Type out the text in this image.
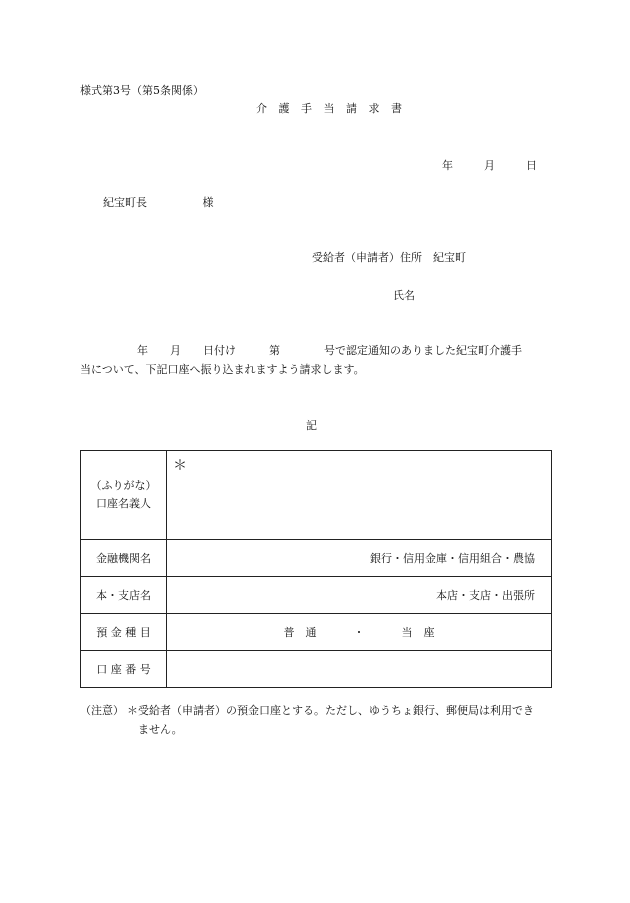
様式第3号（第5条関係）
介 護 手 当 請 求 書
年	月	日
紀宝町長	様
受給者（申請者）住所　紀宝町
氏名
年　　月　　日付け　　　第　　　　号で認定通知のありました紀宝町介護手
当について、下記口座へ振り込まれますよう請求します。
記
（ふりがな）
口座名義人	＊
金融機関名	銀行・信用金庫・信用組合・農協
本・支店名	本店・支店・出張所
預 金 種 目	普　通 ・ 当　座
口 座 番 号	
（注意） ＊受給者（申請者）の預金口座とする。ただし、ゆうちょ銀行、郵便局は利用でき
ません。
